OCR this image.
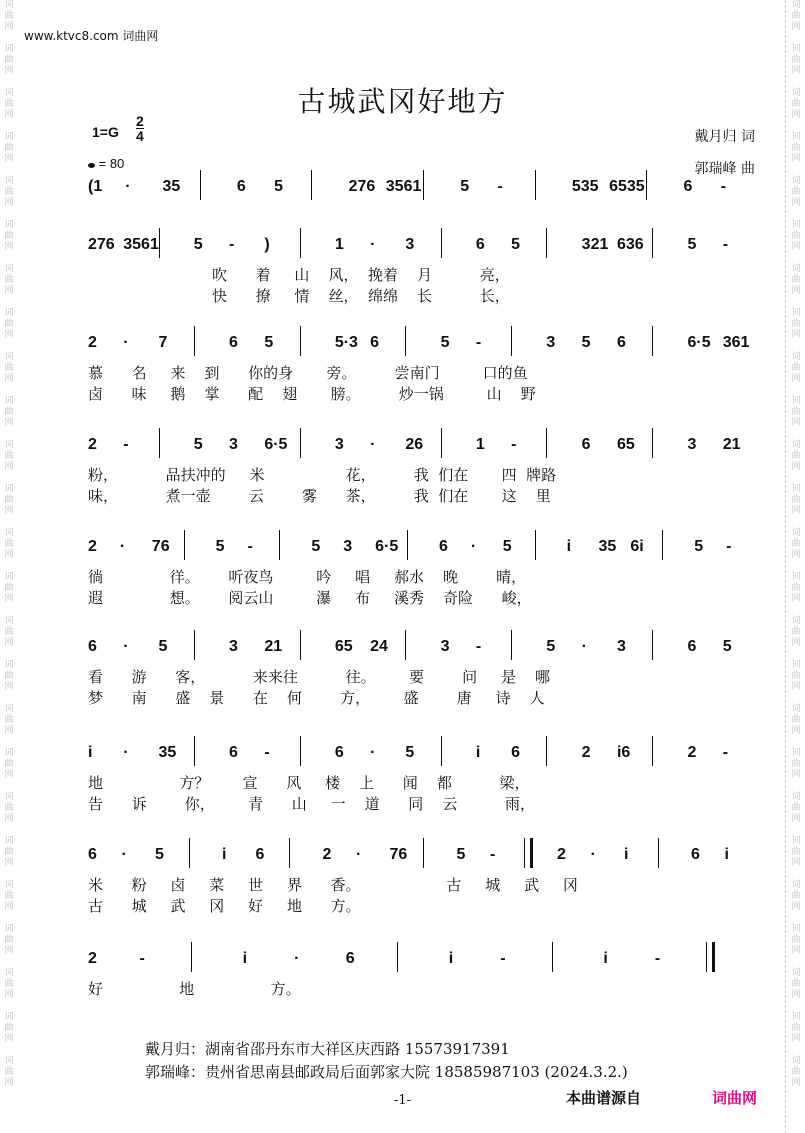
词
曲
网

词
曲
网

词
曲
网

词
曲
网

词
曲
网

词
曲
网

词
曲
网

词
曲
网

词
曲
网

词
曲
网

词
曲
网

词
曲
网

词
曲
网

词
曲
网

词
曲
网

词
曲
网

词
曲
网

词
曲
网

词
曲
网

词
曲
网

词
曲
网

词
曲
网

词
曲
网

词
曲
网

词
曲
网

词
曲
网

词
曲
网

词
曲
网

词
曲
网

词
曲
网

词
曲
网

词
曲
网

词
曲
网

词
曲
网

词
曲
网

词
曲
网

词
曲
网

词
曲
网

词
曲
网

词
曲
网

词
曲
网

词
曲
网

词
曲
网

词
曲
网

词
曲
网

词
曲
网

词
曲
网

词
曲
网

词
曲
网

词
曲
网

www.ktvc8.com 词曲网
古城武冈好地方
1=G
2
4
= 80
戴月归 词
郭瑞峰 曲
(1 · 35	6 5	276 3561 5 -	535 6535 6 -
276 3561 5 - )	1 · 3	6 5	321 636	5 -
吹      着     山    风，  挽着    月          亮，
快      撩     情    丝，  绵绵    长          长，
2 · 7	6 5	5·3 6	5 -	3 5 6	6·5 361
慕      名     来    到      你的身       旁。        尝南门         口的鱼
卤      味     鹅    掌      配    翅       膀。        炒一锅         山    野
2 -	5 3 6·5	3 · 26	1 -	6 65	3 21
粉，          品扶冲的     米                 花，        我  们在       四  牌路
味，          煮一壶        云        雾      茶，        我  们在       这    里
2 · 76	5 -	5 3 6·5	6 · 5	i 35 6i	5 -
徜              徉。      听夜鸟         吟     唱     郝水    晚        晴，
遐              想。      阅云山         瀑     布     溪秀    奇险      峻，
6 · 5	3 21	65 24	3 -	5 · 3	6 5
看      游      客，          来来往          往。       要        问     是    哪
梦      南      盛    景      在    何        方，       盛        唐     诗    人
i · 35	6 -	6 · 5	i 6	2 i6	2 -
地                方？       宣      风     楼    上      闻    都          梁，
告      诉        你，       青      山     一    道      同    云          雨，
6 · 5	i 6	2 · 76	5 -	2 · i	6 i
米      粉     卤     菜     世     界      香。                  古     城     武     冈
古      城     武     冈     好     地      方。
2	-	i	·	6	i	-	i	-
好                地                方。
戴月归：湖南省邵丹东市大祥区庆西路 15573917391
郭瑞峰：贵州省思南县邮政局后面郭家大院 18585987103 (2024.3.2.)
-1-	本曲谱源自	词曲网
